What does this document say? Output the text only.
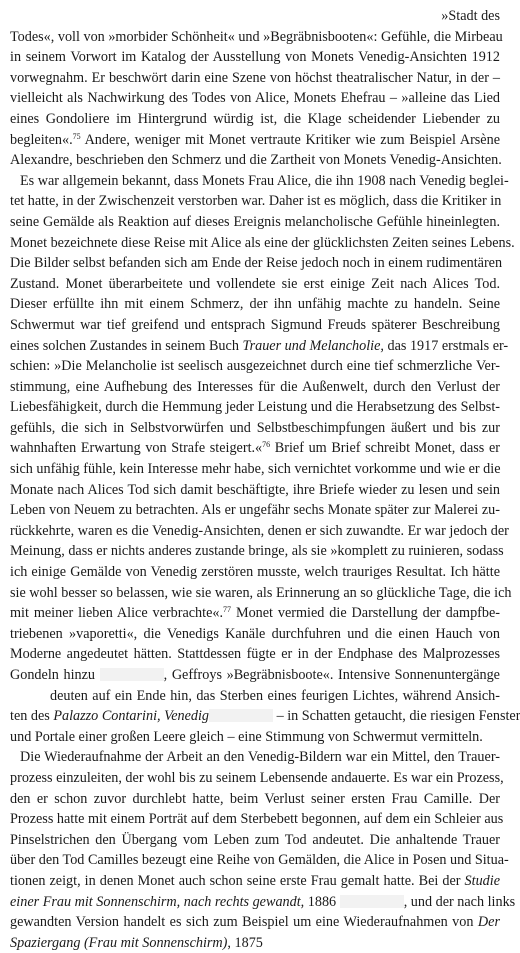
»Stadt des
Todes«, voll von »morbider Schönheit« und »Begräbnisbooten«: Gefühle, die Mirbeau
in seinem Vorwort im Katalog der Ausstellung von Monets Venedig-Ansichten 1912
vorwegnahm. Er beschwört darin eine Szene von höchst theatralischer Natur, in der –
vielleicht als Nachwirkung des Todes von Alice, Monets Ehefrau – »alleine das Lied
eines Gondoliere im Hintergrund würdig ist, die Klage scheidender Liebender zu
begleiten«.$^{75}$ Andere, weniger mit Monet vertraute Kritiker wie zum Beispiel Arsène
Alexandre, beschrieben den Schmerz und die Zartheit von Monets Venedig-Ansichten.
Es war allgemein bekannt, dass Monets Frau Alice, die ihn 1908 nach Venedig beglei-
tet hatte, in der Zwischenzeit verstorben war. Daher ist es möglich, dass die Kritiker in
seine Gemälde als Reaktion auf dieses Ereignis melancholische Gefühle hineinlegten.
Monet bezeichnete diese Reise mit Alice als eine der glücklichsten Zeiten seines Lebens.
Die Bilder selbst befanden sich am Ende der Reise jedoch noch in einem rudimentären
Zustand. Monet überarbeitete und vollendete sie erst einige Zeit nach Alices Tod.
Dieser erfüllte ihn mit einem Schmerz, der ihn unfähig machte zu handeln. Seine
Schwermut war tief greifend und entsprach Sigmund Freuds späterer Beschreibung
eines solchen Zustandes in seinem Buch Trauer und Melancholie, das 1917 erstmals er-
schien: »Die Melancholie ist seelisch ausgezeichnet durch eine tief schmerzliche Ver-
stimmung, eine Aufhebung des Interesses für die Außenwelt, durch den Verlust der
Liebesfähigkeit, durch die Hemmung jeder Leistung und die Herabsetzung des Selbst-
gefühls, die sich in Selbstvorwürfen und Selbstbeschimpfungen äußert und bis zur
wahnhaften Erwartung von Strafe steigert.«$^{76}$ Brief um Brief schreibt Monet, dass er
sich unfähig fühle, kein Interesse mehr habe, sich vernichtet vorkomme und wie er die
Monate nach Alices Tod sich damit beschäftigte, ihre Briefe wieder zu lesen und sein
Leben von Neuem zu betrachten. Als er ungefähr sechs Monate später zur Malerei zu-
rückkehrte, waren es die Venedig-Ansichten, denen er sich zuwandte. Er war jedoch der
Meinung, dass er nichts anderes zustande bringe, als sie »komplett zu ruinieren, sodass
ich einige Gemälde von Venedig zerstören musste, welch trauriges Resultat. Ich hätte
sie wohl besser so belassen, wie sie waren, als Erinnerung an so glückliche Tage, die ich
mit meiner lieben Alice verbrachte«.$^{77}$ Monet vermied die Darstellung der dampfbe-
triebenen »vaporetti«, die Venedigs Kanäle durchfuhren und die einen Hauch von
Moderne angedeutet hätten. Stattdessen fügte er in der Endphase des Malprozesses
Gondeln hinzu	, Geffroys »Begräbnisboote«. Intensive Sonnenuntergänge
deuten auf ein Ende hin, das Sterben eines feurigen Lichtes, während Ansich-
ten des Palazzo Contarini, Venedig	– in Schatten getaucht, die riesigen Fenster
und Portale einer großen Leere gleich – eine Stimmung von Schwermut vermitteln.
Die Wiederaufnahme der Arbeit an den Venedig-Bildern war ein Mittel, den Trauer-
prozess einzuleiten, der wohl bis zu seinem Lebensende andauerte. Es war ein Prozess,
den er schon zuvor durchlebt hatte, beim Verlust seiner ersten Frau Camille. Der
Prozess hatte mit einem Porträt auf dem Sterbebett begonnen, auf dem ein Schleier aus
Pinselstrichen den Übergang vom Leben zum Tod andeutet. Die anhaltende Trauer
über den Tod Camilles bezeugt eine Reihe von Gemälden, die Alice in Posen und Situa-
tionen zeigt, in denen Monet auch schon seine erste Frau gemalt hatte. Bei der Studie
einer Frau mit Sonnenschirm, nach rechts gewandt, 1886	, und der nach links
gewandten Version handelt es sich zum Beispiel um eine Wiederaufnahmen von Der
Spaziergang (Frau mit Sonnenschirm), 1875
